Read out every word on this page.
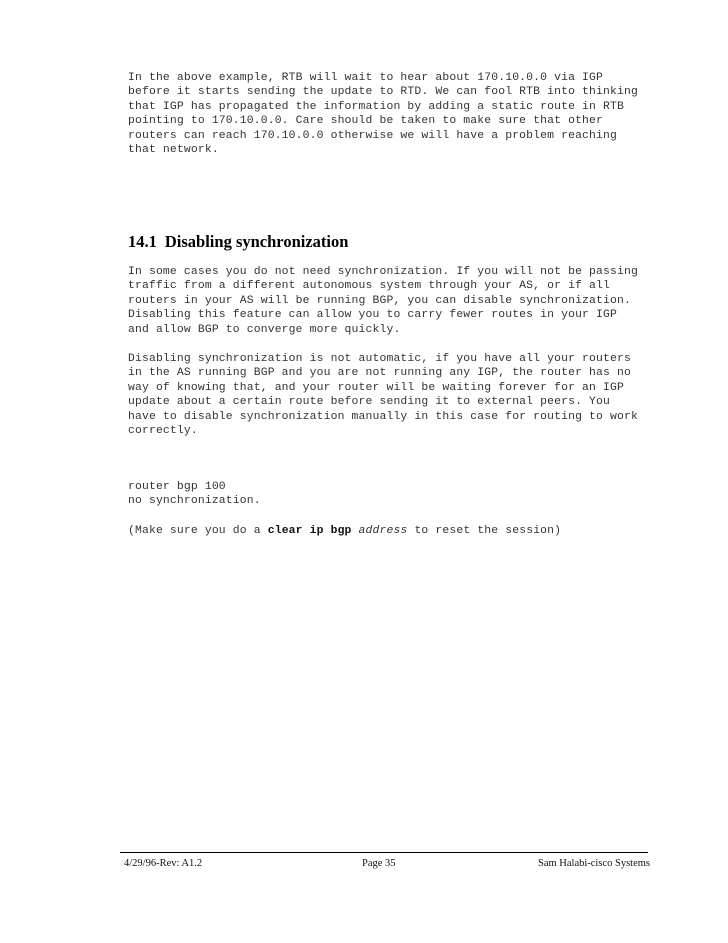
In the above example, RTB will wait to hear about 170.10.0.0 via IGP
before it starts sending the update to RTD. We can fool RTB into thinking
that IGP has propagated the information by adding a static route in RTB
pointing to 170.10.0.0. Care should be taken to make sure that other
routers can reach 170.10.0.0 otherwise we will have a problem reaching
that network.

14.1 Disabling synchronization

In some cases you do not need synchronization. If you will not be passing
traffic from a different autonomous system through your AS, or if all
routers in your AS will be running BGP, you can disable synchronization.
Disabling this feature can allow you to carry fewer routes in your IGP
and allow BGP to converge more quickly.

Disabling synchronization is not automatic, if you have all your routers
in the AS running BGP and you are not running any IGP, the router has no
way of knowing that, and your router will be waiting forever for an IGP
update about a certain route before sending it to external peers. You
have to disable synchronization manually in this case for routing to work
correctly.

router bgp 100
no synchronization.

(Make sure you do a clear ip bgp address to reset the session)

4/29/96-Rev: A1.2	Page 35	Sam Halabi-cisco Systems
